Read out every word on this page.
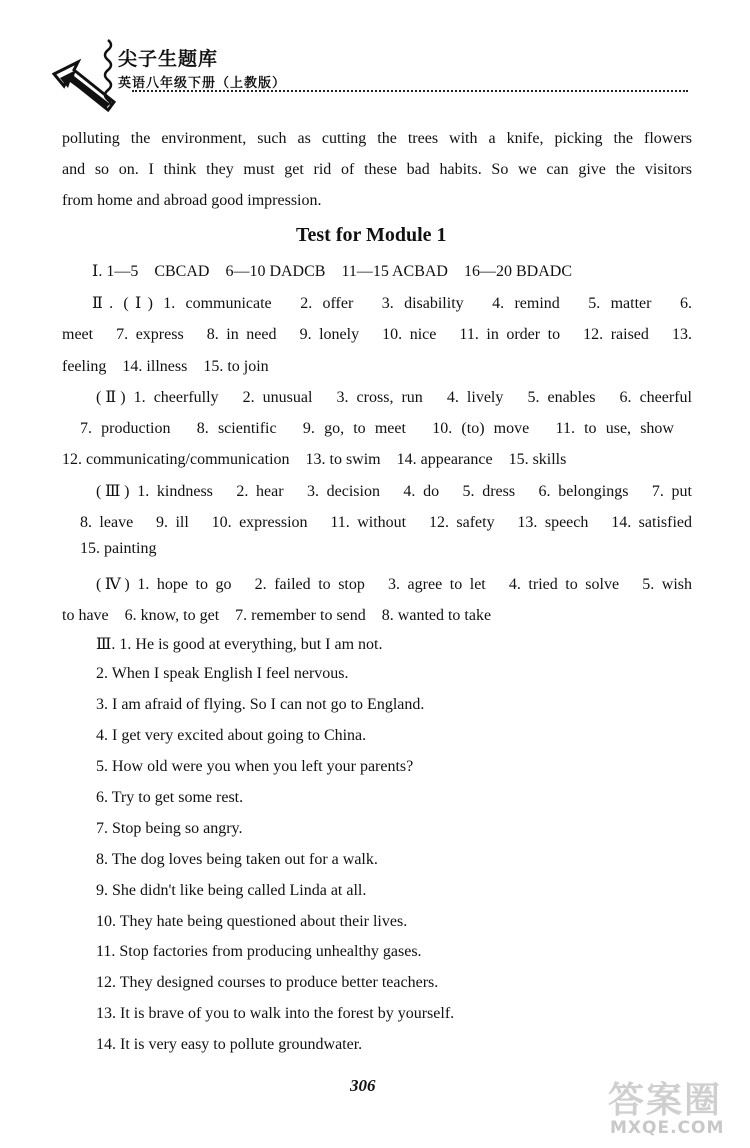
尖子生题库
英语八年级下册（上教版）
polluting the environment, such as cutting the trees with a knife, picking the flowers
and so on. I think they must get rid of these bad habits. So we can give the visitors
from home and abroad good impression.
Test for Module 1
Ⅰ. 1—5　CBCAD　6—10 DADCB　11—15 ACBAD　16—20 BDADC
Ⅱ. (Ⅰ) 1. communicate　2. offer　3. disability　4. remind　5. matter　6.
meet　7. express　8. in need　9. lonely　10. nice　11. in order to　12. raised　13.
feeling　14. illness　15. to join
(Ⅱ) 1. cheerfully　2. unusual　3. cross, run　4. lively　5. enables　6. cheerful
7. production　8. scientific　9. go, to meet　10. (to) move　11. to use, show
12. communicating/communication　13. to swim　14. appearance　15. skills
(Ⅲ) 1. kindness　2. hear　3. decision　4. do　5. dress　6. belongings　7. put
8. leave　9. ill　10. expression　11. without　12. safety　13. speech　14. satisfied
15. painting
(Ⅳ) 1. hope to go　2. failed to stop　3. agree to let　4. tried to solve　5. wish
to have　6. know, to get　7. remember to send　8. wanted to take
Ⅲ. 1. He is good at everything, but I am not.
2. When I speak English I feel nervous.
3. I am afraid of flying. So I can not go to England.
4. I get very excited about going to China.
5. How old were you when you left your parents?
6. Try to get some rest.
7. Stop being so angry.
8. The dog loves being taken out for a walk.
9. She didn't like being called Linda at all.
10. They hate being questioned about their lives.
11. Stop factories from producing unhealthy gases.
12. They designed courses to produce better teachers.
13. It is brave of you to walk into the forest by yourself.
14. It is very easy to pollute groundwater.
306	答案圈
MXQE.COM
